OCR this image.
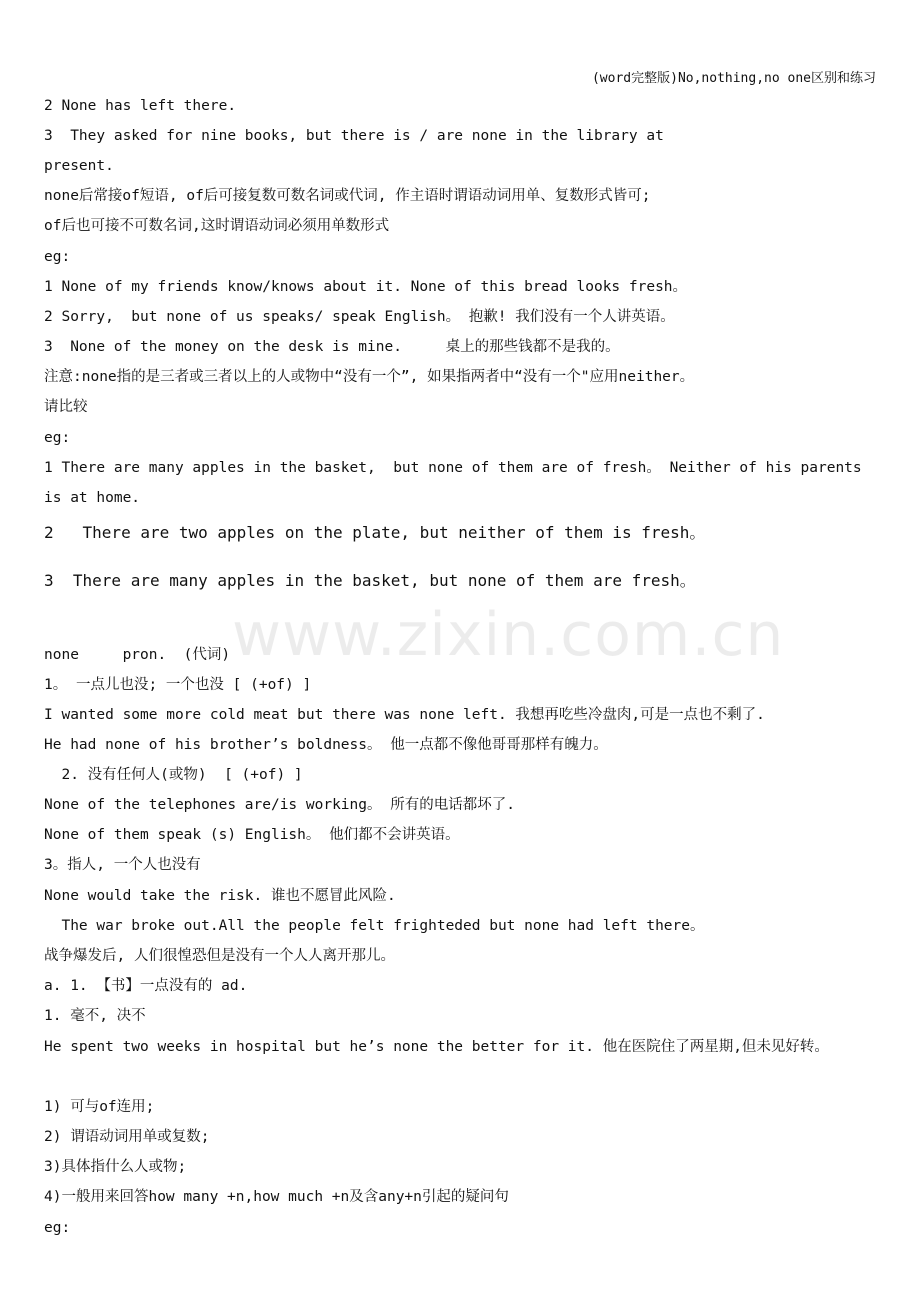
(word完整版)No,nothing,no one区别和练习
www.zixin.com.cn
2 None has left there.
3  They asked for nine books, but there is / are none in the library at
present.
none后常接of短语, of后可接复数可数名词或代词, 作主语时谓语动词用单、复数形式皆可;
of后也可接不可数名词,这时谓语动词必须用单数形式
eg:
1 None of my friends know/knows about it. None of this bread looks fresh。
2 Sorry,  but none of us speaks/ speak English。 抱歉! 我们没有一个人讲英语。
3  None of the money on the desk is mine.     桌上的那些钱都不是我的。
注意:none指的是三者或三者以上的人或物中“没有一个”, 如果指两者中“没有一个"应用neither。
请比较
eg:
1 There are many apples in the basket,  but none of them are of fresh。 Neither of his parents
is at home.
2   There are two apples on the plate, but neither of them is fresh。
3  There are many apples in the basket, but none of them are fresh。
none     pron.  (代词)
1。 一点儿也没; 一个也没 [ (+of) ]
I wanted some more cold meat but there was none left. 我想再吃些冷盘肉,可是一点也不剩了.
He had none of his brother’s boldness。 他一点都不像他哥哥那样有魄力。
2. 没有任何人(或物)  [ (+of) ]
None of the telephones are/is working。 所有的电话都坏了.
None of them speak (s) English。 他们都不会讲英语。
3。指人, 一个人也没有
None would take the risk. 谁也不愿冒此风险.
The war broke out.All the people felt frighteded but none had left there。
战争爆发后, 人们很惶恐但是没有一个人人离开那儿。
a. 1. 【书】一点没有的 ad.
1. 毫不, 决不
He spent two weeks in hospital but he’s none the better for it. 他在医院住了两星期,但未见好转。
1) 可与of连用;
2) 谓语动词用单或复数;
3)具体指什么人或物;
4)一般用来回答how many +n,how much +n及含any+n引起的疑问句
eg:
